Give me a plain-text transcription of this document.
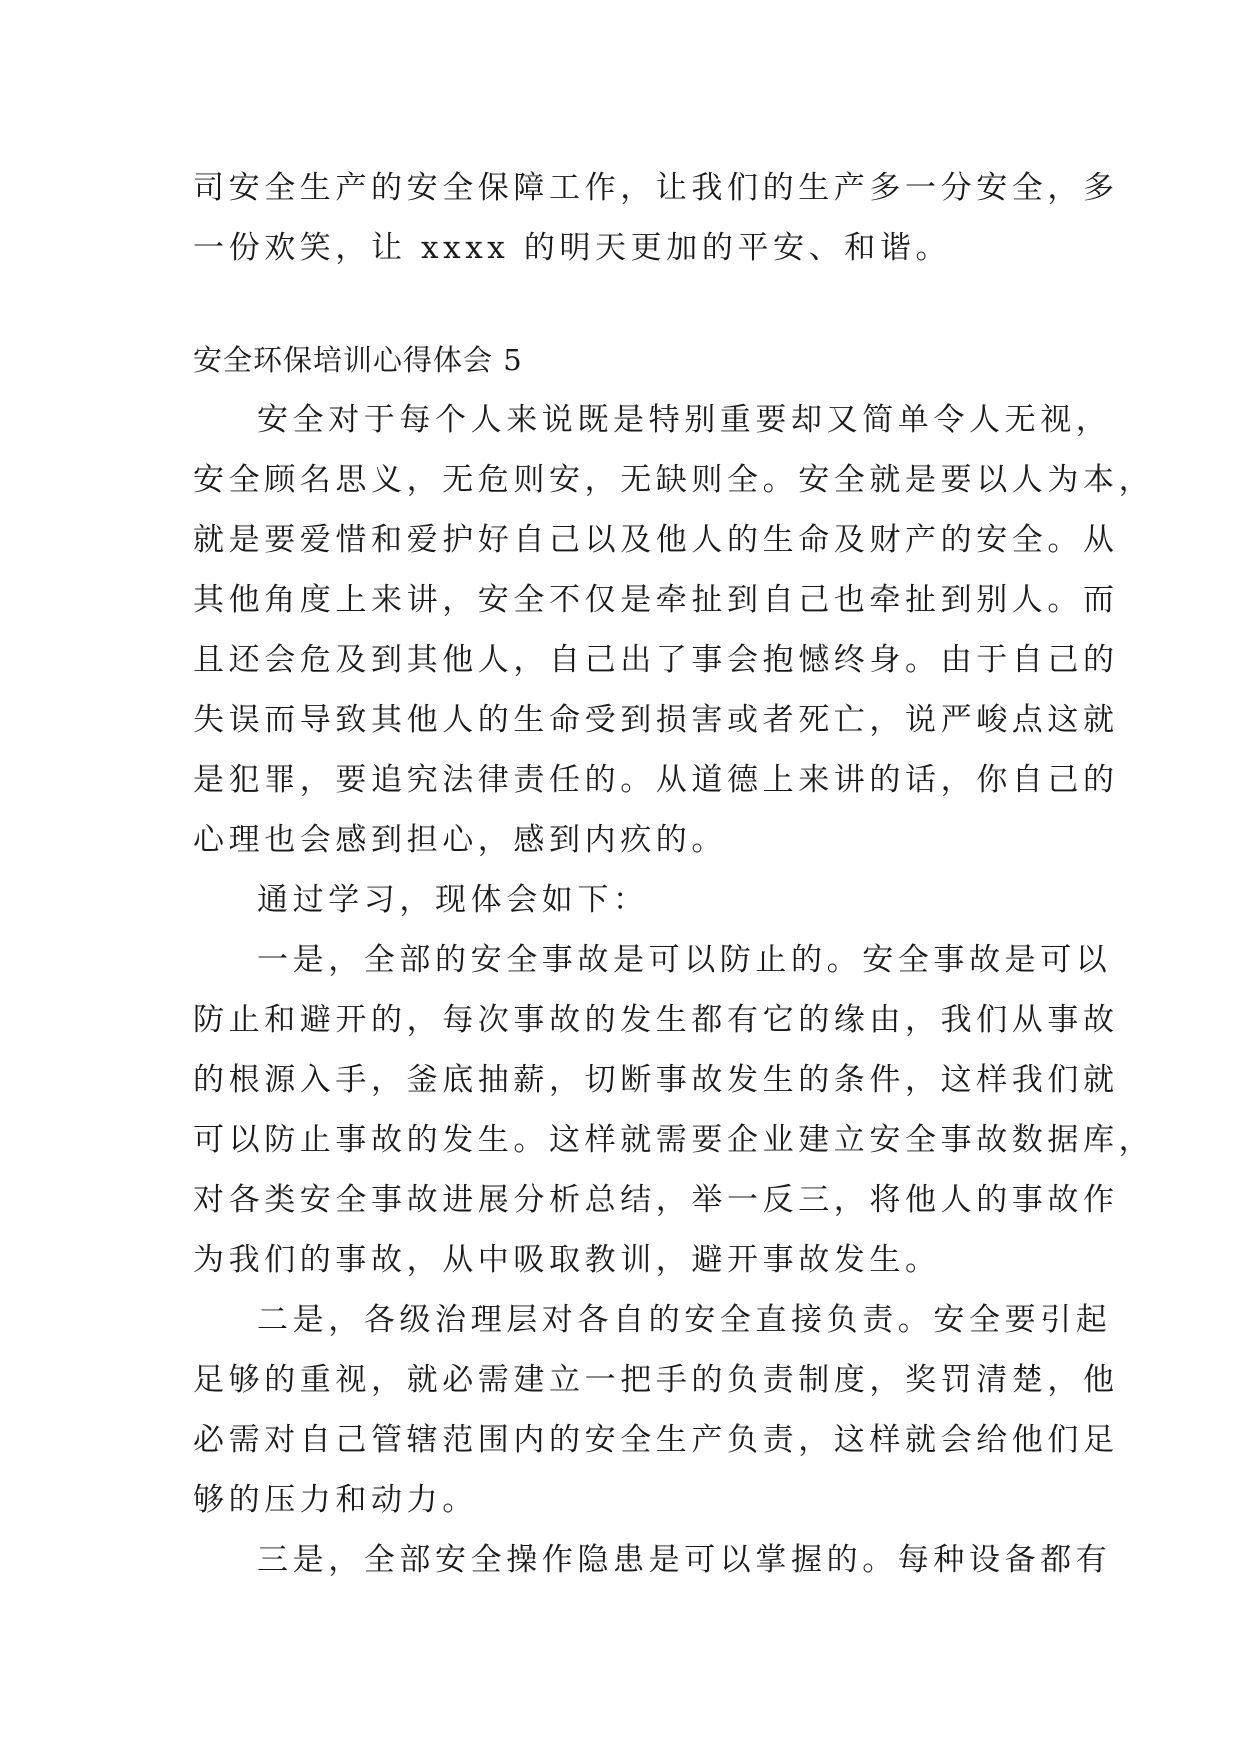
司安全生产的安全保障工作，让我们的生产多一分安全，多
一份欢笑，让 xxxx 的明天更加的平安、和谐。
安全环保培训心得体会 5
安全对于每个人来说既是特别重要却又简单令人无视，
安全顾名思义，无危则安，无缺则全。安全就是要以人为本，
就是要爱惜和爱护好自己以及他人的生命及财产的安全。从
其他角度上来讲，安全不仅是牵扯到自己也牵扯到别人。而
且还会危及到其他人，自己出了事会抱憾终身。由于自己的
失误而导致其他人的生命受到损害或者死亡，说严峻点这就
是犯罪，要追究法律责任的。从道德上来讲的话，你自己的
心理也会感到担心，感到内疚的。
通过学习，现体会如下：
一是，全部的安全事故是可以防止的。安全事故是可以
防止和避开的，每次事故的发生都有它的缘由，我们从事故
的根源入手，釜底抽薪，切断事故发生的条件，这样我们就
可以防止事故的发生。这样就需要企业建立安全事故数据库，
对各类安全事故进展分析总结，举一反三，将他人的事故作
为我们的事故，从中吸取教训，避开事故发生。
二是，各级治理层对各自的安全直接负责。安全要引起
足够的重视，就必需建立一把手的负责制度，奖罚清楚，他
必需对自己管辖范围内的安全生产负责，这样就会给他们足
够的压力和动力。
三是，全部安全操作隐患是可以掌握的。每种设备都有
